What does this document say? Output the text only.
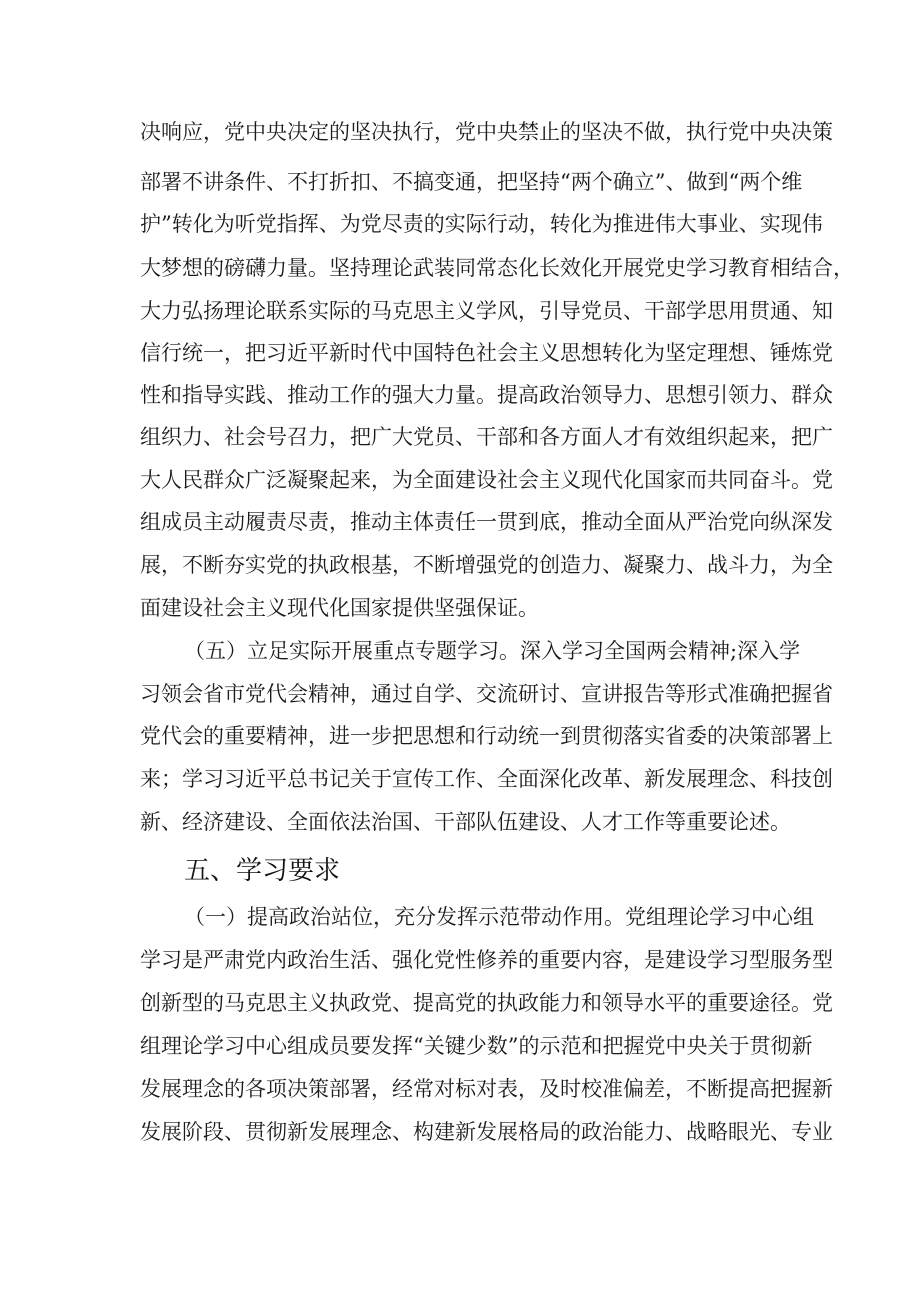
决响应，党中央决定的坚决执行，党中央禁止的坚决不做，执行党中央决策
部署不讲条件、不打折扣、不搞变通，把坚持“两个确立”、做到“两个维
护”转化为听党指挥、为党尽责的实际行动，转化为推进伟大事业、实现伟
大梦想的磅礴力量。坚持理论武装同常态化长效化开展党史学习教育相结合，
大力弘扬理论联系实际的马克思主义学风，引导党员、干部学思用贯通、知
信行统一，把习近平新时代中国特色社会主义思想转化为坚定理想、锤炼党
性和指导实践、推动工作的强大力量。提高政治领导力、思想引领力、群众
组织力、社会号召力，把广大党员、干部和各方面人才有效组织起来，把广
大人民群众广泛凝聚起来，为全面建设社会主义现代化国家而共同奋斗。党
组成员主动履责尽责，推动主体责任一贯到底，推动全面从严治党向纵深发
展，不断夯实党的执政根基，不断增强党的创造力、凝聚力、战斗力，为全
面建设社会主义现代化国家提供坚强保证。
（五）立足实际开展重点专题学习。深入学习全国两会精神;深入学
习领会省市党代会精神，通过自学、交流研讨、宣讲报告等形式准确把握省
党代会的重要精神，进一步把思想和行动统一到贯彻落实省委的决策部署上
来；学习习近平总书记关于宣传工作、全面深化改革、新发展理念、科技创
新、经济建设、全面依法治国、干部队伍建设、人才工作等重要论述。
五、学习要求
（一）提高政治站位，充分发挥示范带动作用。党组理论学习中心组
学习是严肃党内政治生活、强化党性修养的重要内容，是建设学习型服务型
创新型的马克思主义执政党、提高党的执政能力和领导水平的重要途径。党
组理论学习中心组成员要发挥“关键少数”的示范和把握党中央关于贯彻新
发展理念的各项决策部署，经常对标对表，及时校准偏差，不断提高把握新
发展阶段、贯彻新发展理念、构建新发展格局的政治能力、战略眼光、专业
